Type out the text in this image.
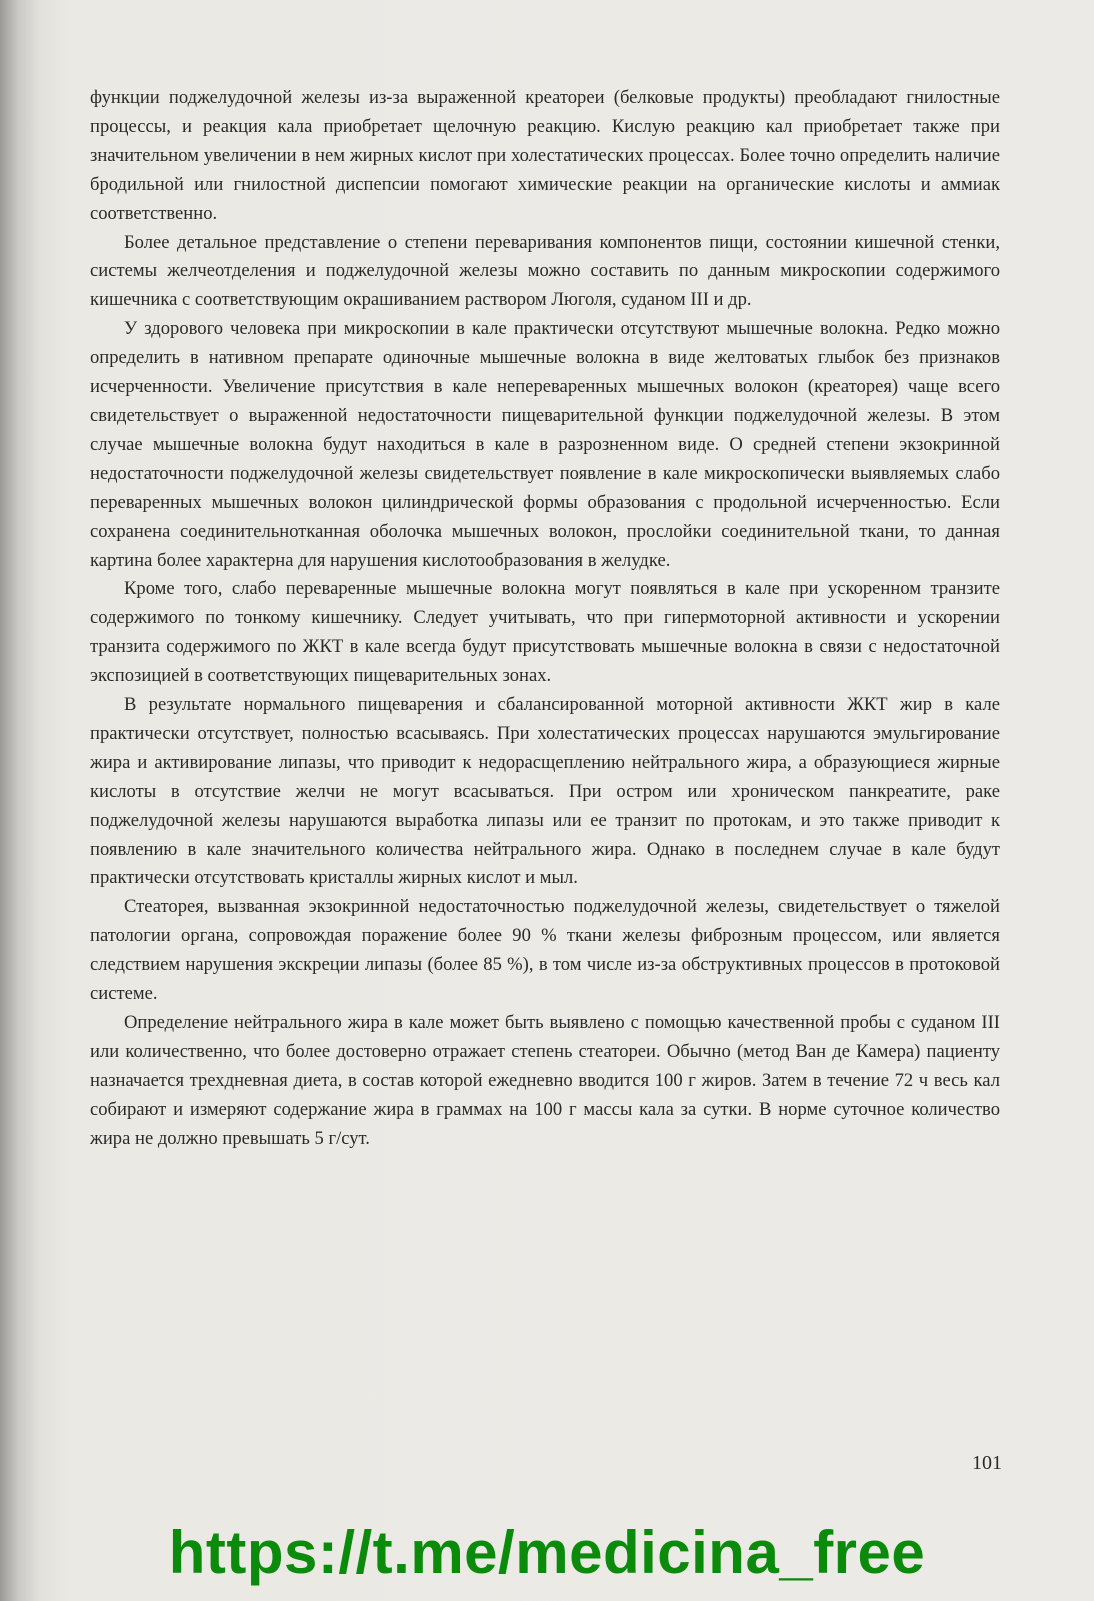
функции поджелудочной железы из-за выраженной креатореи (белковые продукты) преобладают гнилостные процессы, и реакция кала приобретает щелочную реакцию. Кислую реакцию кал приобретает также при значительном увеличении в нем жирных кислот при холестатических процессах. Более точно определить наличие бродильной или гнилостной диспепсии помогают химические реакции на органические кислоты и аммиак соответственно.

Более детальное представление о степени переваривания компонентов пищи, состоянии кишечной стенки, системы желчеотделения и поджелудочной железы можно составить по данным микроскопии содержимого кишечника с соответствующим окрашиванием раствором Люголя, суданом III и др.

У здорового человека при микроскопии в кале практически отсутствуют мышечные волокна. Редко можно определить в нативном препарате одиночные мышечные волокна в виде желтоватых глыбок без признаков исчерченности. Увеличение присутствия в кале непереваренных мышечных волокон (креаторея) чаще всего свидетельствует о выраженной недостаточности пищеварительной функции поджелудочной железы. В этом случае мышечные волокна будут находиться в кале в разрозненном виде. О средней степени экзокринной недостаточности поджелудочной железы свидетельствует появление в кале микроскопически выявляемых слабо переваренных мышечных волокон цилиндрической формы образования с продольной исчерченностью. Если сохранена соединительнотканная оболочка мышечных волокон, прослойки соединительной ткани, то данная картина более характерна для нарушения кислотообразования в желудке.

Кроме того, слабо переваренные мышечные волокна могут появляться в кале при ускоренном транзите содержимого по тонкому кишечнику. Следует учитывать, что при гипермоторной активности и ускорении транзита содержимого по ЖКТ в кале всегда будут присутствовать мышечные волокна в связи с недостаточной экспозицией в соответствующих пищеварительных зонах.

В результате нормального пищеварения и сбалансированной моторной активности ЖКТ жир в кале практически отсутствует, полностью всасываясь. При холестатических процессах нарушаются эмульгирование жира и активирование липазы, что приводит к недорасщеплению нейтрального жира, а образующиеся жирные кислоты в отсутствие желчи не могут всасываться. При остром или хроническом панкреатите, раке поджелудочной железы нарушаются выработка липазы или ее транзит по протокам, и это также приводит к появлению в кале значительного количества нейтрального жира. Однако в последнем случае в кале будут практически отсутствовать кристаллы жирных кислот и мыл.

Стеаторея, вызванная экзокринной недостаточностью поджелудочной железы, свидетельствует о тяжелой патологии органа, сопровождая поражение более 90 % ткани железы фиброзным процессом, или является следствием нарушения экскреции липазы (более 85 %), в том числе из-за обструктивных процессов в протоковой системе.

Определение нейтрального жира в кале может быть выявлено с помощью качественной пробы с суданом III или количественно, что более достоверно отражает степень стеатореи. Обычно (метод Ван де Камера) пациенту назначается трехдневная диета, в состав которой ежедневно вводится 100 г жиров. Затем в течение 72 ч весь кал собирают и измеряют содержание жира в граммах на 100 г массы кала за сутки. В норме суточное количество жира не должно превышать 5 г/сут.

101
https://t.me/medicina_free
